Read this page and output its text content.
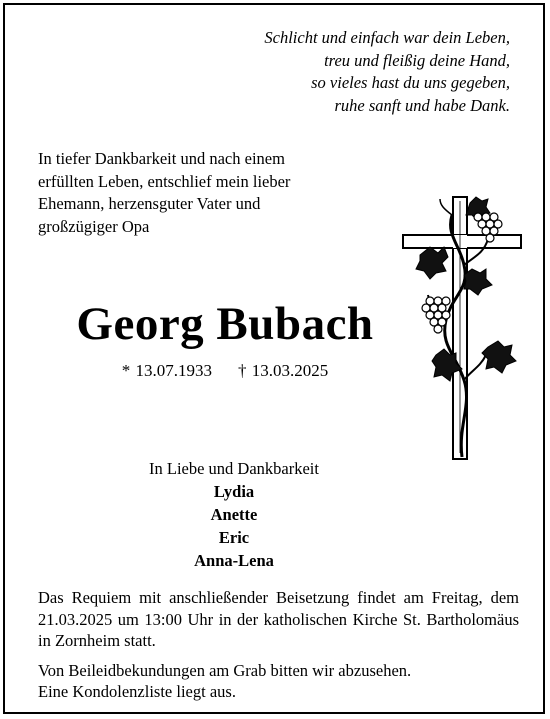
Schlicht und einfach war dein Leben,
treu und fleißig deine Hand,
so vieles hast du uns gegeben,
ruhe sanft und habe Dank.
In tiefer Dankbarkeit und nach einem
erfüllten Leben, entschlief mein lieber
Ehemann, herzensguter Vater und
großzügiger Opa
Georg Bubach
* 13.07.1933 † 13.03.2025
In Liebe und Dankbarkeit
Lydia
Anette
Eric
Anna-Lena

Das Requiem mit anschließender Beisetzung findet am Freitag, dem 21.03.2025 um 13:00 Uhr in der katholischen Kirche St. Bartholomäus in Zornheim statt.

Von Beileidbekundungen am Grab bitten wir abzusehen.
Eine Kondolenzliste liegt aus.
